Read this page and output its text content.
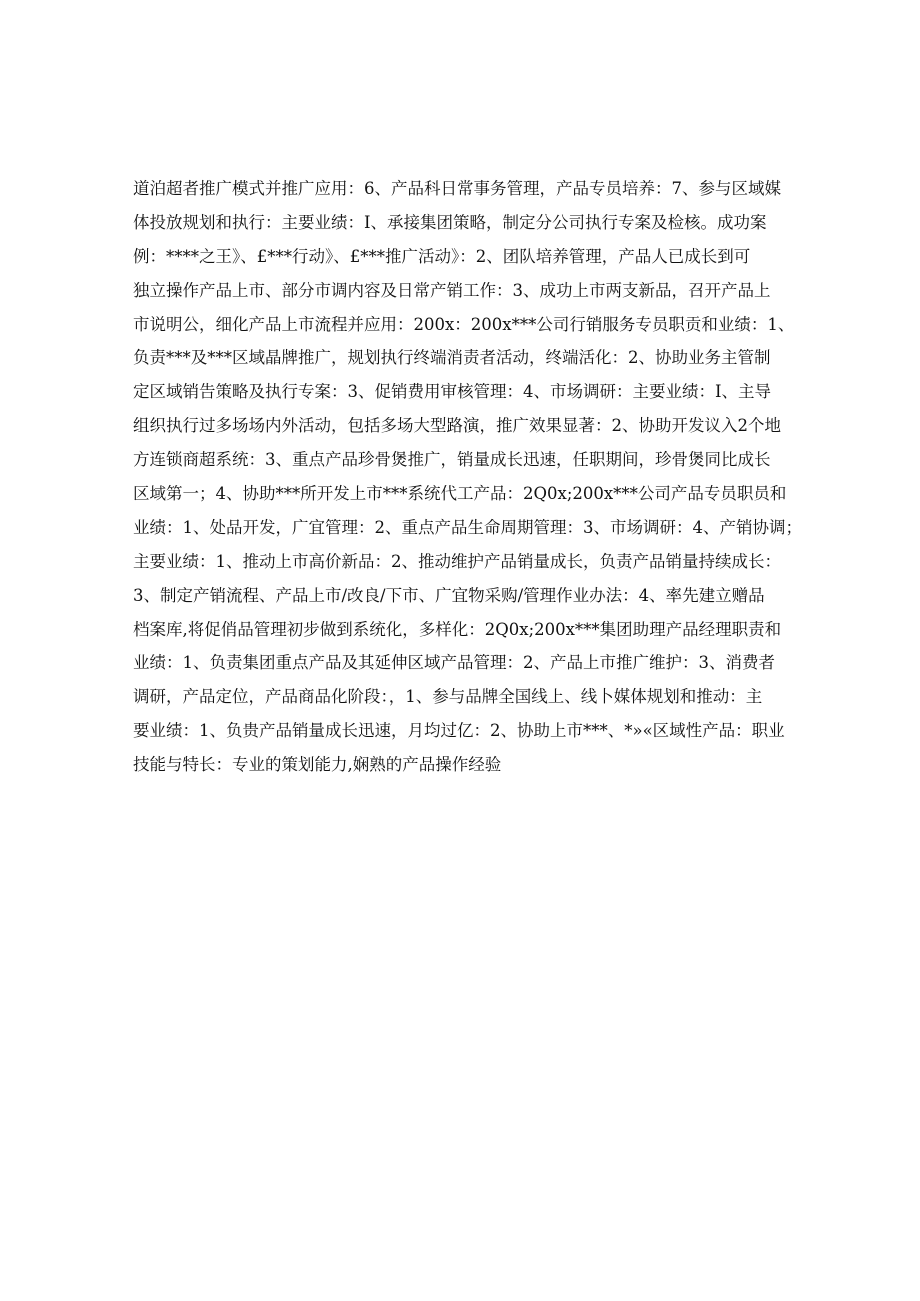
道泊超者推广模式并推广应用：6、产品科日常事务管理，产品专员培养：7、参与区域媒
体投放规划和执行：主要业绩：I、承接集团策略，制定分公司执行专案及检核。成功案
例：****之王》、£***行动》、£***推广活动》：2、团队培养管理，产品人已成长到可
独立操作产品上市、部分市调内容及日常产销工作：3、成功上市两支新品，召开产品上
市说明公，细化产品上市流程并应用：200x：200x***公司行销服务专员职贡和业绩：1、
负责***及***区域晶牌推广，规划执行终端消责者活动，终端活化：2、协助业务主管制
定区域销告策略及执行专案：3、促销费用审核管理：4、市场调研：主要业绩：I、主导
组织执行过多场场内外活动，包括多场大型路演，推广效果显著：2、协助开发议入2个地
方连锁商超系统：3、重点产品珍骨煲推广，销量成长迅速，任职期间，珍骨煲同比成长
区域第一；4、协助***所开发上市***系统代工产品：2Q0x;200x***公司产品专员职员和
业绩：1、处品开发，广宜管理：2、重点产品生命周期管理：3、市场调研：4、产销协调；
主要业绩：1、推动上市高价新品：2、推动维护产品销量成长，负责产品销量持续成长：
3、制定产销流程、产品上市/改良/下市、广宜物采购/管理作业办法：4、率先建立赠品
档案库,将促俏品管理初步做到系统化，多样化：2Q0x;200x***集团助理产品经理职责和
业绩：1、负责集团重点产品及其延伸区域产品管理：2、产品上市推广维护：3、消费者
调研，产品定位，产品商品化阶段：，1、参与品牌全国线上、线卜媒体规划和推动：主
要业绩：1、负贵产品销量成长迅速，月均过亿：2、协助上市***、*»«区域性产品：职业
技能与特长：专业的策划能力,娴熟的产品操作经验
